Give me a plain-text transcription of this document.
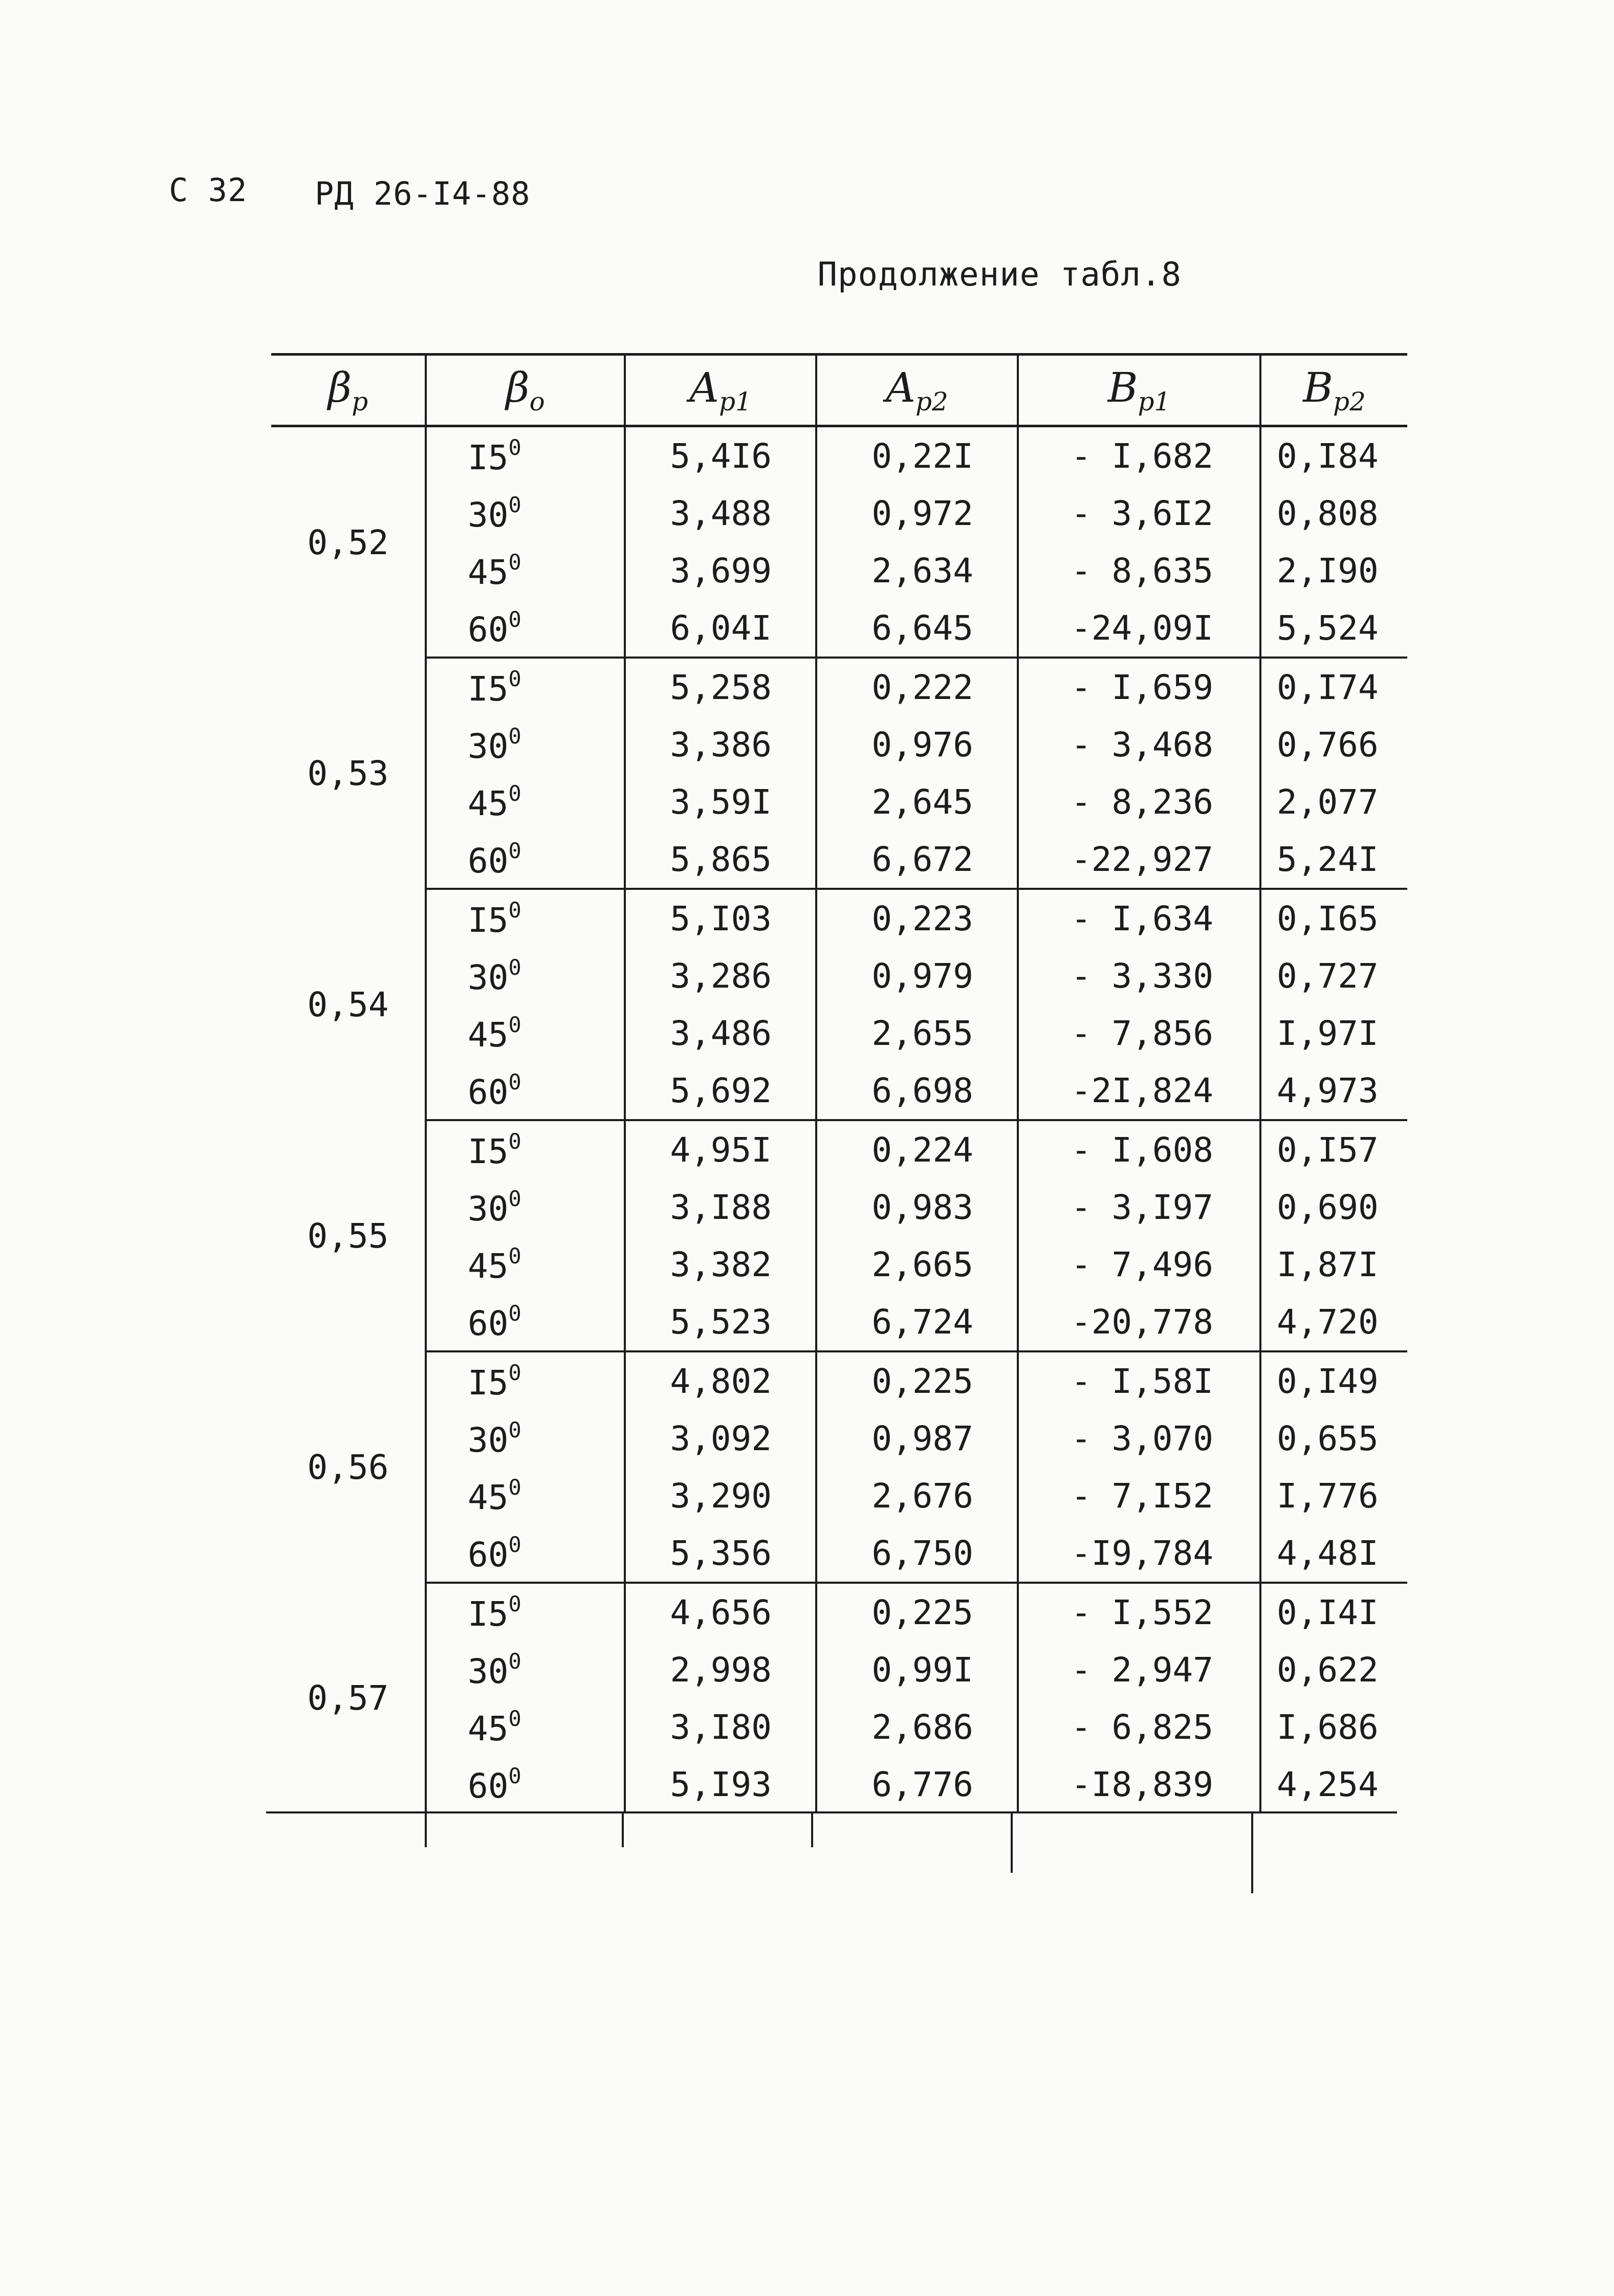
С 32 РД 26-I4-88
Продолжение табл.8
$\beta_р$	$\beta_о$	$A_{р1}$	$A_{р2}$	$B_{р1}$	$B_{р2}$
0,52	$I5^0$	5,4I6	0,22I	- I,682	0,I84
	$30^0$	3,488	0,972	- 3,6I2	0,808
	$45^0$	3,699	2,634	- 8,635	2,I90
	$60^0$	6,04I	6,645	-24,09I	5,524
0,53	$I5^0$	5,258	0,222	- I,659	0,I74
	$30^0$	3,386	0,976	- 3,468	0,766
	$45^0$	3,59I	2,645	- 8,236	2,077
	$60^0$	5,865	6,672	-22,927	5,24I
0,54	$I5^0$	5,I03	0,223	- I,634	0,I65
	$30^0$	3,286	0,979	- 3,330	0,727
	$45^0$	3,486	2,655	- 7,856	I,97I
	$60^0$	5,692	6,698	-2I,824	4,973
0,55	$I5^0$	4,95I	0,224	- I,608	0,I57
	$30^0$	3,I88	0,983	- 3,I97	0,690
	$45^0$	3,382	2,665	- 7,496	I,87I
	$60^0$	5,523	6,724	-20,778	4,720
0,56	$I5^0$	4,802	0,225	- I,58I	0,I49
	$30^0$	3,092	0,987	- 3,070	0,655
	$45^0$	3,290	2,676	- 7,I52	I,776
	$60^0$	5,356	6,750	-I9,784	4,48I
0,57	$I5^0$	4,656	0,225	- I,552	0,I4I
	$30^0$	2,998	0,99I	- 2,947	0,622
	$45^0$	3,I80	2,686	- 6,825	I,686
	$60^0$	5,I93	6,776	-I8,839	4,254
